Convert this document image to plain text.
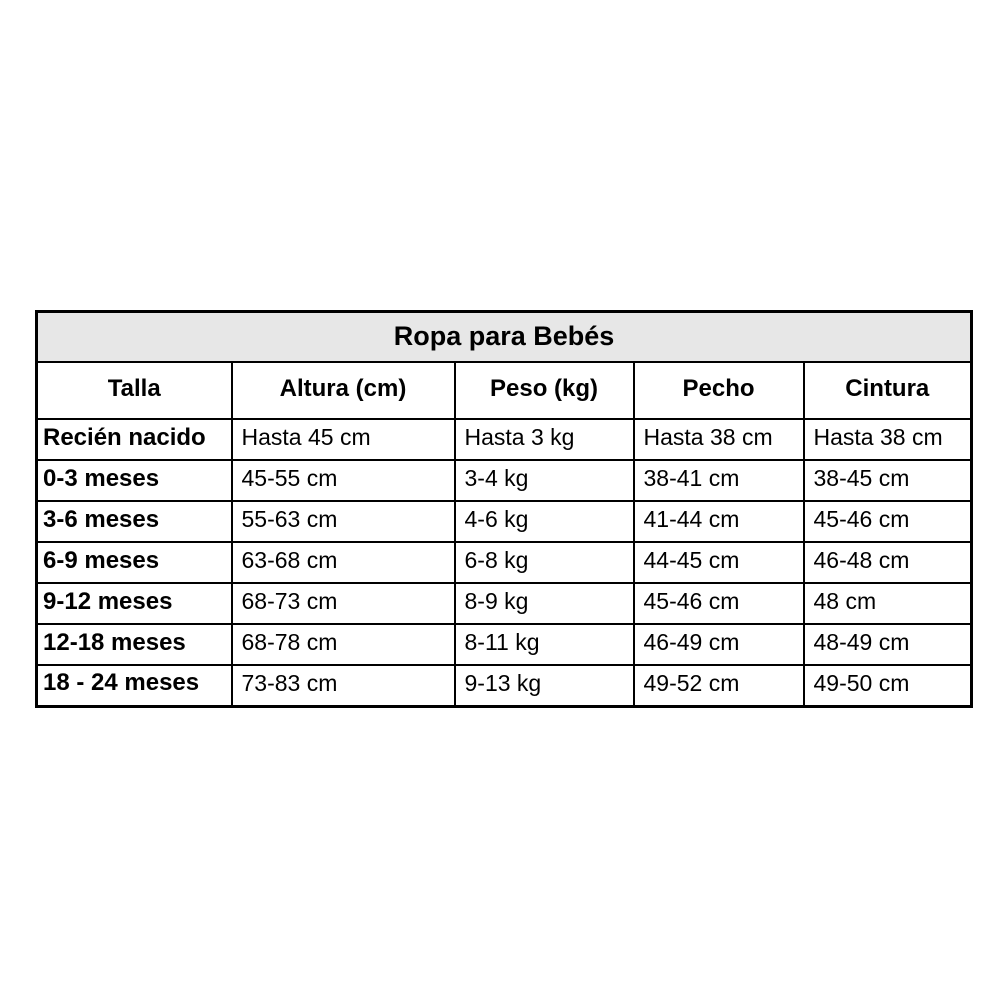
Ropa para Bebés				
Talla	Altura (cm)	Peso (kg)	Pecho	Cintura
Recién nacido	Hasta 45 cm	Hasta 3 kg	Hasta 38 cm	Hasta 38 cm
0-3 meses	45-55 cm	3-4 kg	38-41 cm	38-45 cm
3-6 meses	55-63 cm	4-6 kg	41-44 cm	45-46 cm
6-9 meses	63-68 cm	6-8 kg	44-45 cm	46-48 cm
9-12 meses	68-73 cm	8-9 kg	45-46 cm	48 cm
12-18 meses	68-78 cm	8-11 kg	46-49 cm	48-49 cm
18 - 24 meses	73-83 cm	9-13 kg	49-52 cm	49-50 cm
